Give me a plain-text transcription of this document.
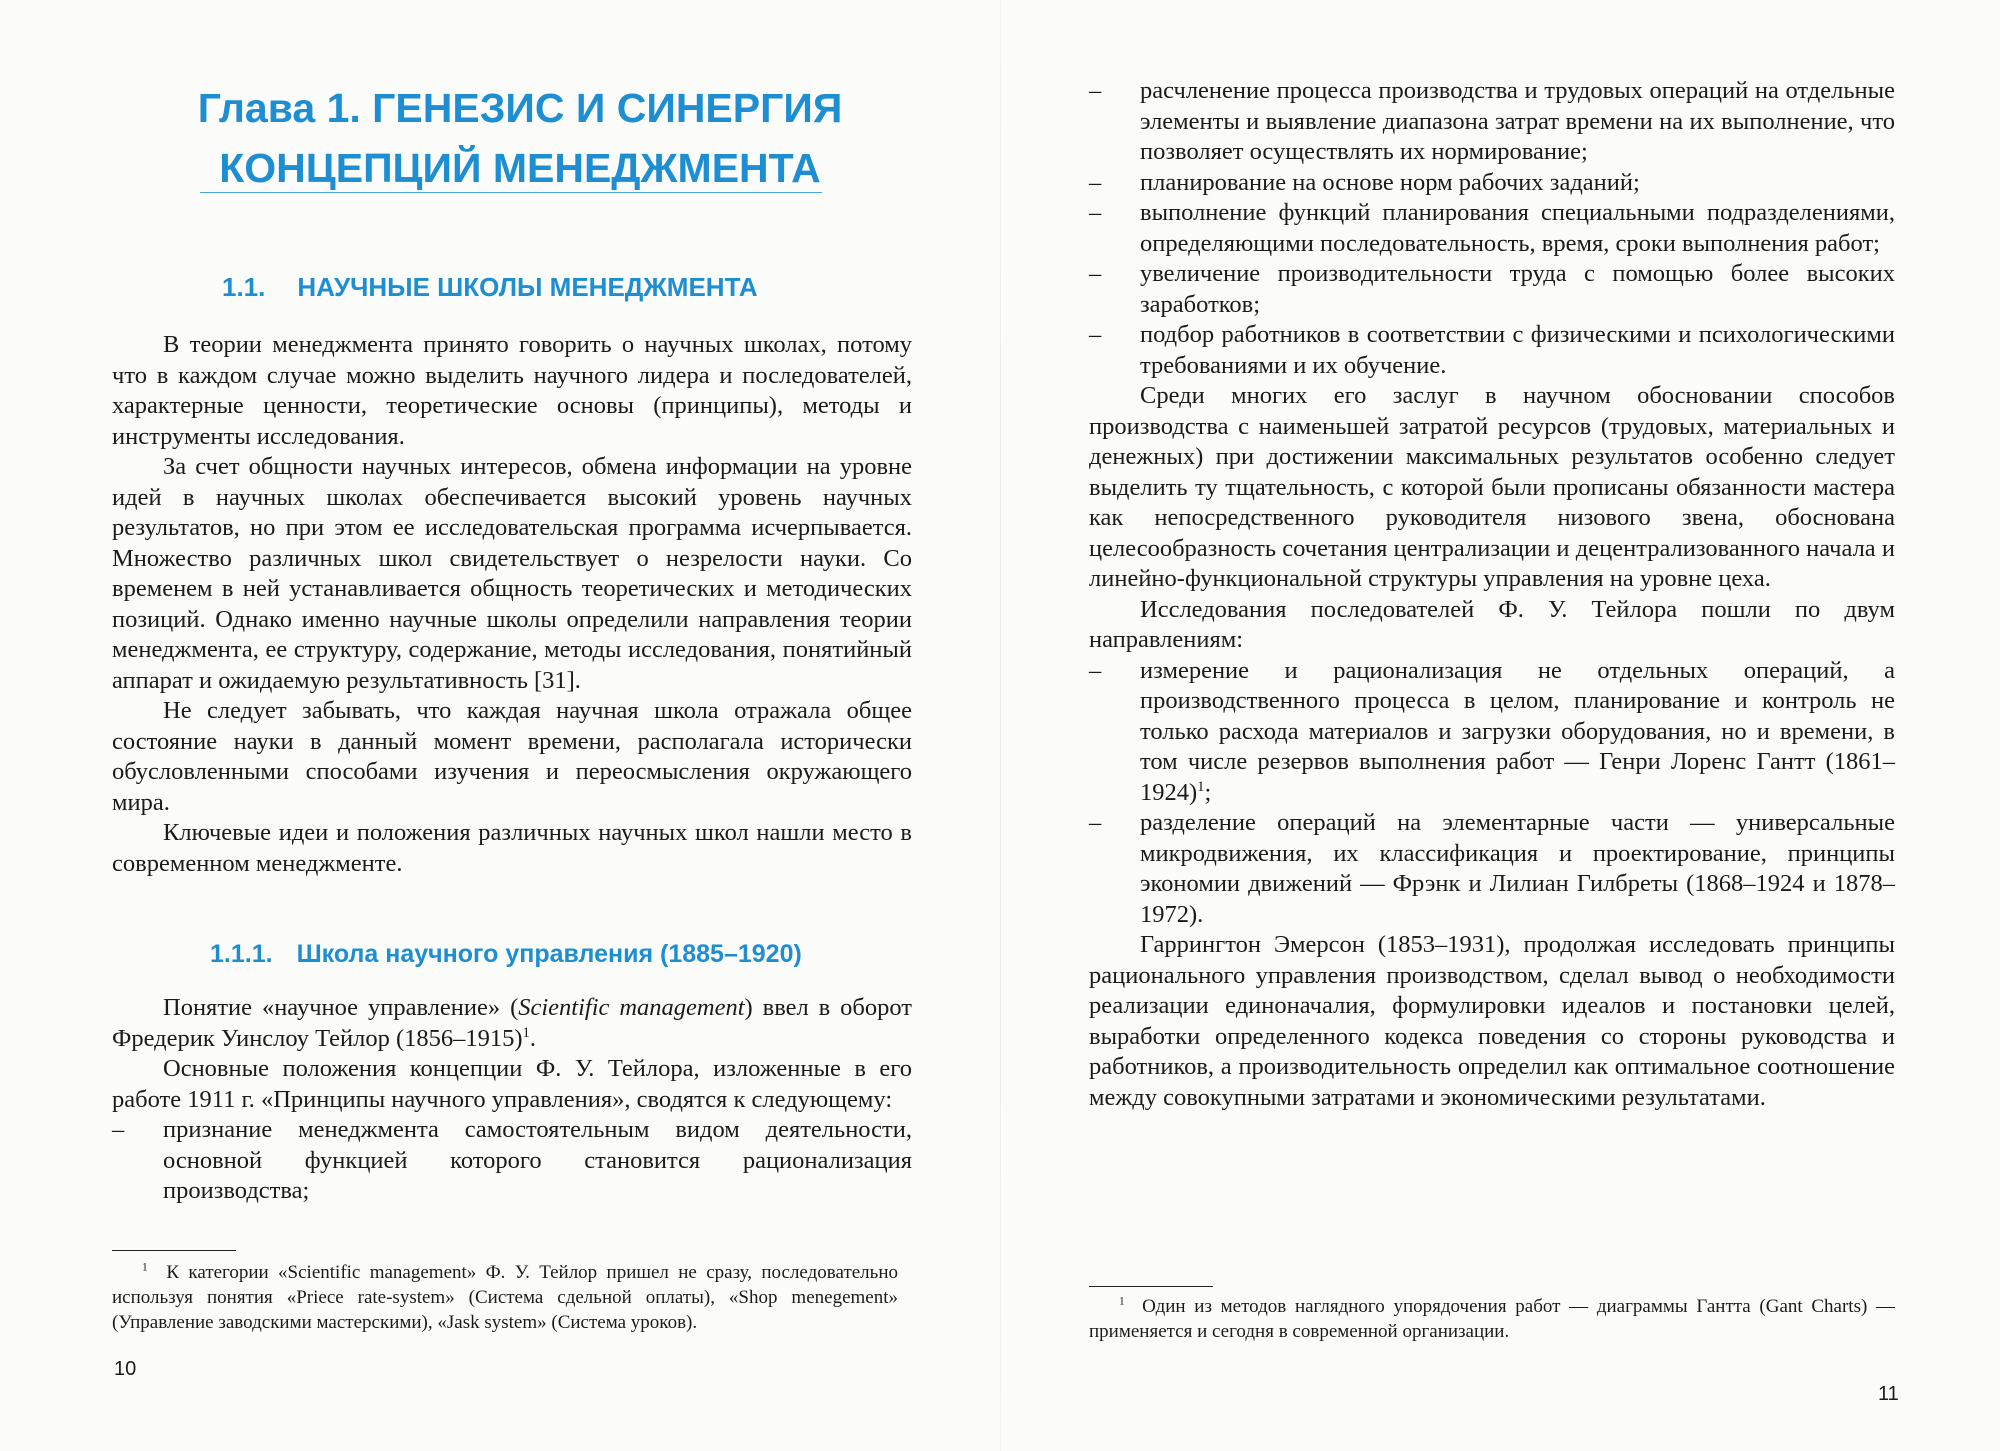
Глава 1. ГЕНЕЗИС И СИНЕРГИЯ
КОНЦЕПЦИЙ МЕНЕДЖМЕНТА
1.1. НАУЧНЫЕ ШКОЛЫ МЕНЕДЖМЕНТА

В теории менеджмента принято говорить о научных школах, потому что в каждом случае можно выделить научного лидера и последователей, характерные ценности, теоретические основы (принципы), методы и инструменты исследования.

За счет общности научных интересов, обмена информации на уровне идей в научных школах обеспечивается высокий уровень научных результатов, но при этом ее исследовательская программа исчерпывается. Множество различных школ свидетельствует о незрелости науки. Со временем в ней устанавливается общность теоретических и методических позиций. Однако именно научные школы определили направления теории менеджмента, ее структуру, содержание, методы исследования, понятийный аппарат и ожидаемую результативность [31].

Не следует забывать, что каждая научная школа отражала общее состояние науки в данный момент времени, располагала исторически обусловленными способами изучения и переосмысления окружающего мира.

Ключевые идеи и положения различных научных школ нашли место в современном менеджменте.

1.1.1. Школа научного управления (1885–1920)

Понятие «научное управление» (Scientific management) ввел в оборот Фредерик Уинслоу Тейлор (1856–1915)$^1$.

Основные положения концепции Ф. У. Тейлора, изложенные в его работе 1911 г. «Принципы научного управления», сводятся к следующему:

– признание менеджмента самостоятельным видом деятельности, основной функцией которого становится рационализация производства;

$^1$ К категории «Scientific management» Ф. У. Тейлор пришел не сразу, последовательно используя понятия «Priece rate-system» (Система сдельной оплаты), «Shop menegement» (Управление заводскими мастерскими), «Jask system» (Система уроков).

10
– расчленение процесса производства и трудовых операций на отдельные элементы и выявление диапазона затрат времени на их выполнение, что позволяет осуществлять их нормирование;
– планирование на основе норм рабочих заданий;
– выполнение функций планирования специальными подразделениями, определяющими последовательность, время, сроки выполнения работ;
– увеличение производительности труда с помощью более высоких заработков;
– подбор работников в соответствии с физическими и психологическими требованиями и их обучение.

Среди многих его заслуг в научном обосновании способов производства с наименьшей затратой ресурсов (трудовых, материальных и денежных) при достижении максимальных результатов особенно следует выделить ту тщательность, с которой были прописаны обязанности мастера как непосредственного руководителя низового звена, обоснована целесообразность сочетания централизации и децентрализованного начала и линейно-функциональной структуры управления на уровне цеха.

Исследования последователей Ф. У. Тейлора пошли по двум направлениям:

– измерение и рационализация не отдельных операций, а производственного процесса в целом, планирование и контроль не только расхода материалов и загрузки оборудования, но и времени, в том числе резервов выполнения работ — Генри Лоренс Гантт (1861–1924)$^1$;
– разделение операций на элементарные части — универсальные микродвижения, их классификация и проектирование, принципы экономии движений — Фрэнк и Лилиан Гилбреты (1868–1924 и 1878–1972).

Гаррингтон Эмерсон (1853–1931), продолжая исследовать принципы рационального управления производством, сделал вывод о необходимости реализации единоначалия, формулировки идеалов и постановки целей, выработки определенного кодекса поведения со стороны руководства и работников, а производительность определил как оптимальное соотношение между совокупными затратами и экономическими результатами.

$^1$ Один из методов наглядного упорядочения работ — диаграммы Гантта (Gant Charts) — применяется и сегодня в современной организации.

11
